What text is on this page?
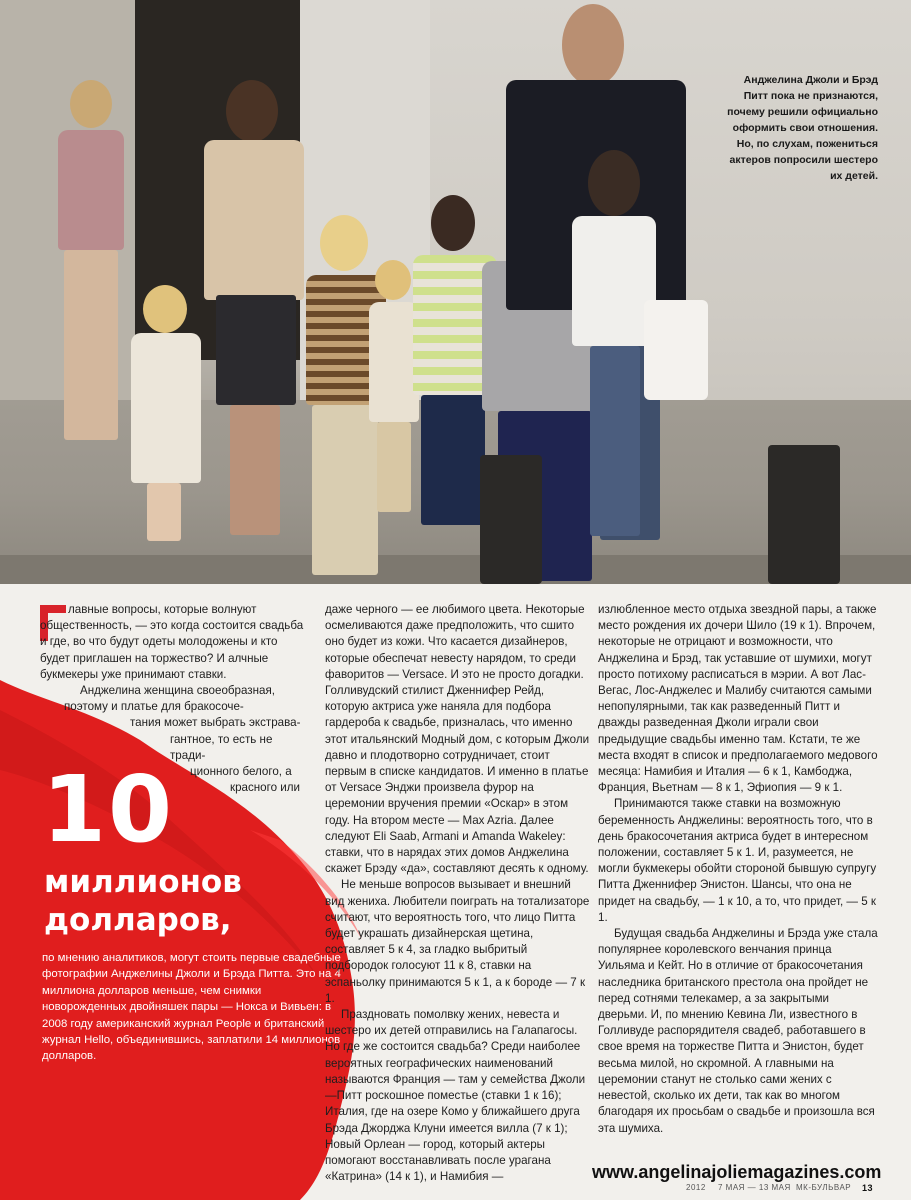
Анджелина Джоли и Брэд Питт пока не признаются, почему решили официально оформить свои отношения. Но, по слухам, пожениться актеров попросили шестеро их детей.

лавные вопросы, которые волнуют общественность, — это когда состоится свадьба и где, во что будут одеты молодожены и кто будет приглашен на торжество? И алчные букмекеры уже принимают ставки.

Анджелина женщина своеобразная,
поэтому и платье для бракосоче-
тания может выбрать экстрава-
гантное, то есть не тради-
ционного белого, а
красного или
10
миллионов
долларов,
по мнению аналитиков, могут стоить первые свадебные фотографии Анджелины Джоли и Брэда Питта. Это на 4 миллиона долларов меньше, чем снимки новорожденных двойняшек пары — Нокса и Вивьен: в 2008 году американский журнал People и британский журнал Hello, объединившись, заплатили 14 миллионов долларов.

даже черного — ее любимого цвета. Некоторые осмеливаются даже предположить, что сшито оно будет из кожи. Что касается дизайнеров, которые обеспечат невесту нарядом, то среди фаворитов — Versace. И это не просто догадки. Голливудский стилист Дженнифер Рейд, которую актриса уже наняла для подбора гардероба к свадьбе, призналась, что именно этот итальянский Модный дом, с которым Джоли давно и плодотворно сотрудничает, стоит первым в списке кандидатов. И именно в платье от Versace Энджи произвела фурор на церемонии вручения премии «Оскар» в этом году. На втором месте — Max Azria. Далее следуют Eli Saab, Armani и Amanda Wakeley: ставки, что в нарядах этих домов Анджелина скажет Брэду «да», составляют десять к одному.

Не меньше вопросов вызывает и внешний вид жениха. Любители поиграть на тотализаторе считают, что вероятность того, что лицо Питта будет украшать дизайнерская щетина, составляет 5 к 4, за гладко выбритый подбородок голосуют 11 к 8, ставки на эспаньолку принимаются 5 к 1, а к бороде — 7 к 1.

Праздновать помолвку жених, невеста и шестеро их детей отправились на Галапагосы. Но где же состоится свадьба? Среди наиболее вероятных географических наименований называются Франция — там у семейства Джоли—Питт роскошное поместье (ставки 1 к 16); Италия, где на озере Комо у ближайшего друга Брэда Джорджа Клуни имеется вилла (7 к 1); Новый Орлеан — город, который актеры помогают восстанавливать после урагана «Катрина» (14 к 1), и Намибия —

излюбленное место отдыха звездной пары, а также место рождения их дочери Шило (19 к 1). Впрочем, некоторые не отрицают и возможности, что Анджелина и Брэд, так уставшие от шумихи, могут просто потихому расписаться в мэрии. А вот Лас-Вегас, Лос-Анджелес и Малибу считаются самыми непопулярными, так как разведенный Питт и дважды разведенная Джоли играли свои предыдущие свадьбы именно там. Кстати, те же места входят в список и предполагаемого медового месяца: Намибия и Италия — 6 к 1, Камбоджа, Франция, Вьетнам — 8 к 1, Эфиопия — 9 к 1.

Принимаются также ставки на возможную беременность Анджелины: вероятность того, что в день бракосочетания актриса будет в интересном положении, составляет 5 к 1. И, разумеется, не могли букмекеры обойти стороной бывшую супругу Питта Дженнифер Энистон. Шансы, что она не придет на свадьбу, — 1 к 10, а то, что придет, — 5 к 1.

Будущая свадьба Анджелины и Брэда уже стала популярнее королевского венчания принца Уильяма и Кейт. Но в отличие от бракосочетания наследника британского престола она пройдет не перед сотнями телекамер, а за закрытыми дверьми. И, по мнению Кевина Ли, известного в Голливуде распорядителя свадеб, работавшего в свое время на торжестве Питта и Энистон, будет весьма милой, но скромной. А главными на церемонии станут не столько сами жених с невестой, сколько их дети, так как во многом благодаря их просьбам о свадьбе и произошла вся эта шумиха.

www.angelinajoliemagazines.com
2012 7 МАЯ — 13 МАЯ МК-БУЛЬВАР 13
